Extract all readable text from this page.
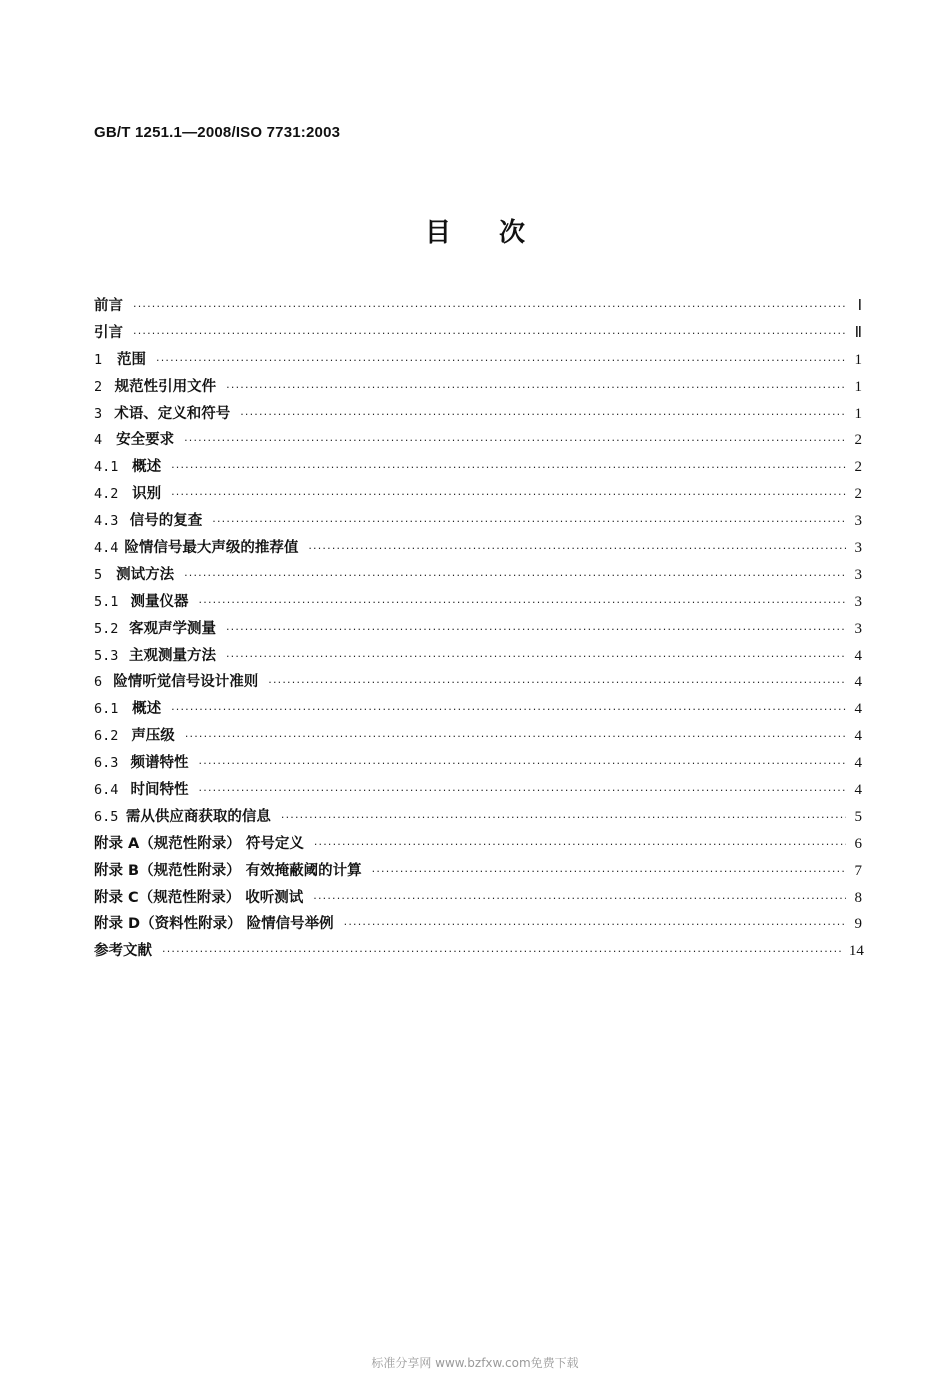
GB/T 1251.1—2008/ISO 7731:2003
目次
前言 ·····	Ⅰ
引言 ·····	Ⅱ
1	范围 ·····	1
2 规范性引用文件 ·····	1
3 术语、定义和符号 ·····	1
4 安全要求 ·····	2
4.1 概述 ·····	2
4.2 识别 ·····	2
4.3 信号的复查 ·····	3
4.4 险情信号最大声级的推荐值 ·····	3
5 测试方法 ·····	3
5.1 测量仪器 ·····	3
5.2 客观声学测量 ·····	3
5.3 主观测量方法 ·····	4
6 险情听觉信号设计准则 ·····	4
6.1 概述 ·····	4
6.2 声压级 ·····	4
6.3 频谱特性 ·····	4
6.4 时间特性 ·····	4
6.5 需从供应商获取的信息 ·····	5
附录 A（规范性附录） 符号定义 ·····	6
附录 B（规范性附录） 有效掩蔽阈的计算 ·····	7
附录 C（规范性附录） 收听测试 ·····	8
附录 D（资料性附录） 险情信号举例 ·····	9
参考文献 ·····	14
标准分享网 www.bzfxw.com免费下载
